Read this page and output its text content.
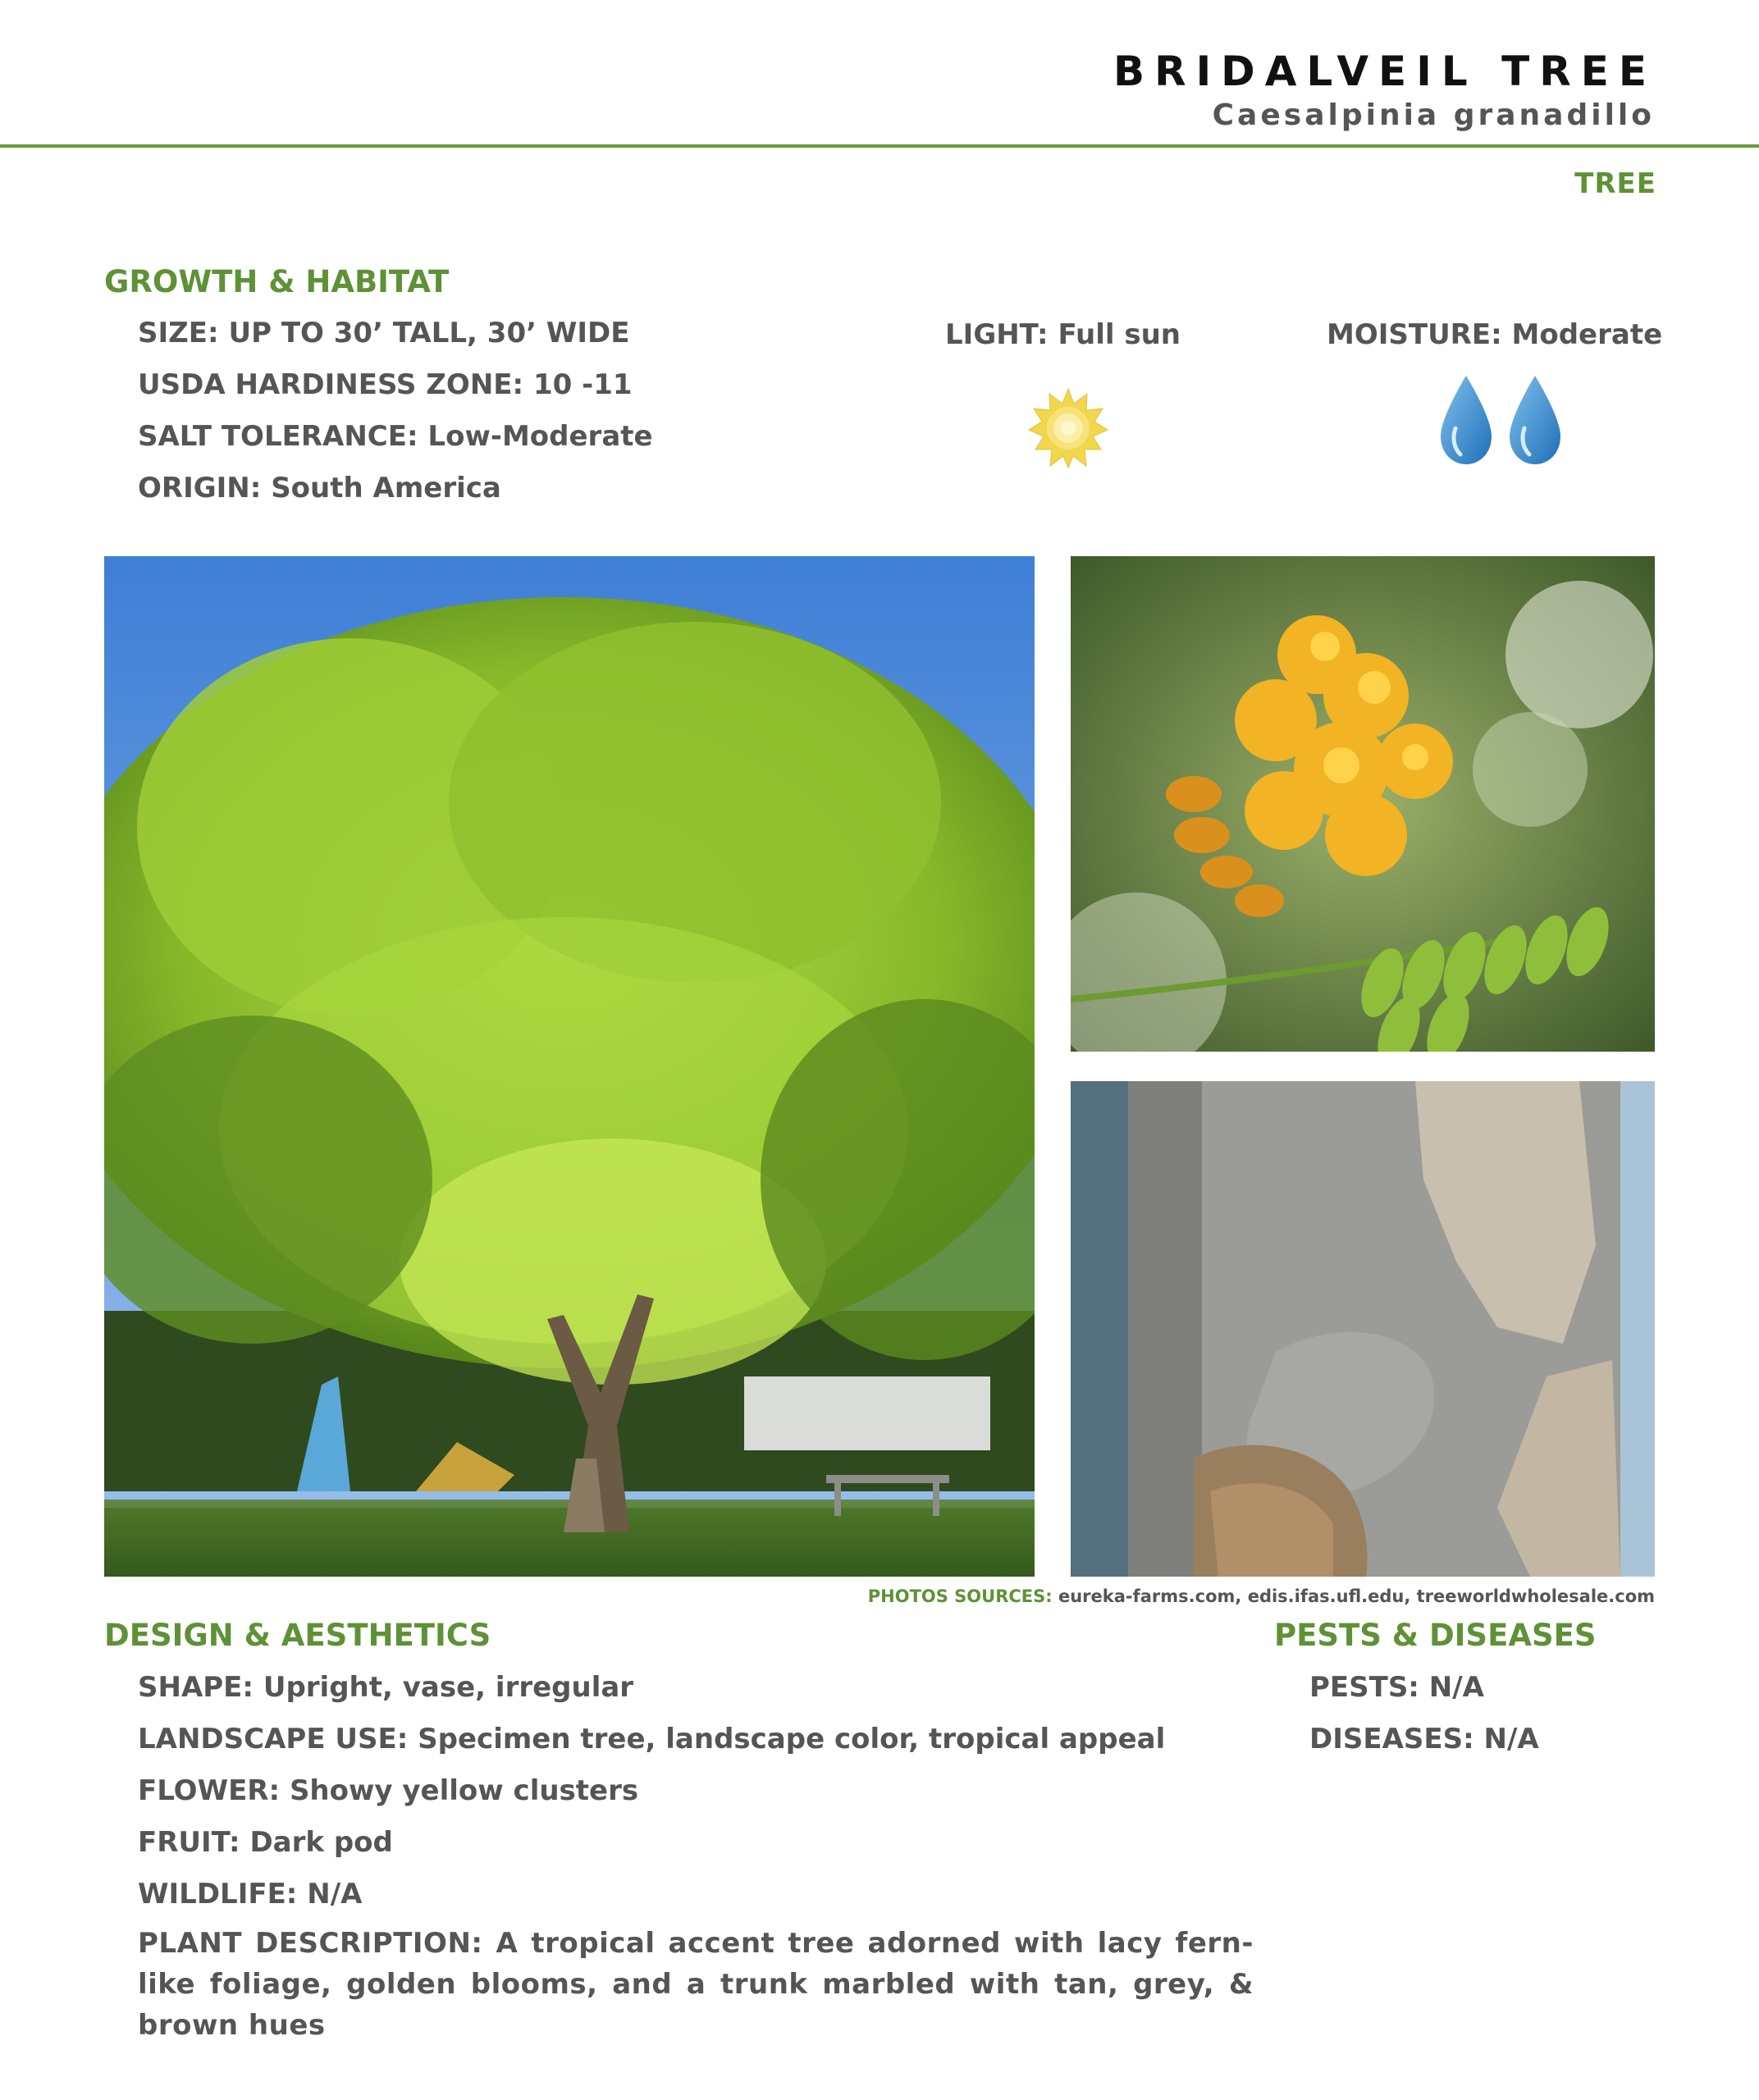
BRIDALVEIL TREE
Caesalpinia granadillo
TREE
GROWTH & HABITAT
SIZE: UP TO 30’ TALL, 30’ WIDE
USDA HARDINESS ZONE: 10 -11
SALT TOLERANCE: Low-Moderate
ORIGIN: South America
LIGHT: Full sun	MOISTURE: Moderate
PHOTOS SOURCES: eureka-farms.com, edis.ifas.ufl.edu, treeworldwholesale.com
DESIGN & AESTHETICS
SHAPE: Upright, vase, irregular
LANDSCAPE USE: Specimen tree, landscape color, tropical appeal
FLOWER: Showy yellow clusters
FRUIT: Dark pod
WILDLIFE: N/A
PLANT DESCRIPTION: A tropical accent tree adorned with lacy fern-like foliage, golden blooms, and a trunk marbled with tan, grey, & brown hues
PESTS & DISEASES
PESTS: N/A
DISEASES: N/A
